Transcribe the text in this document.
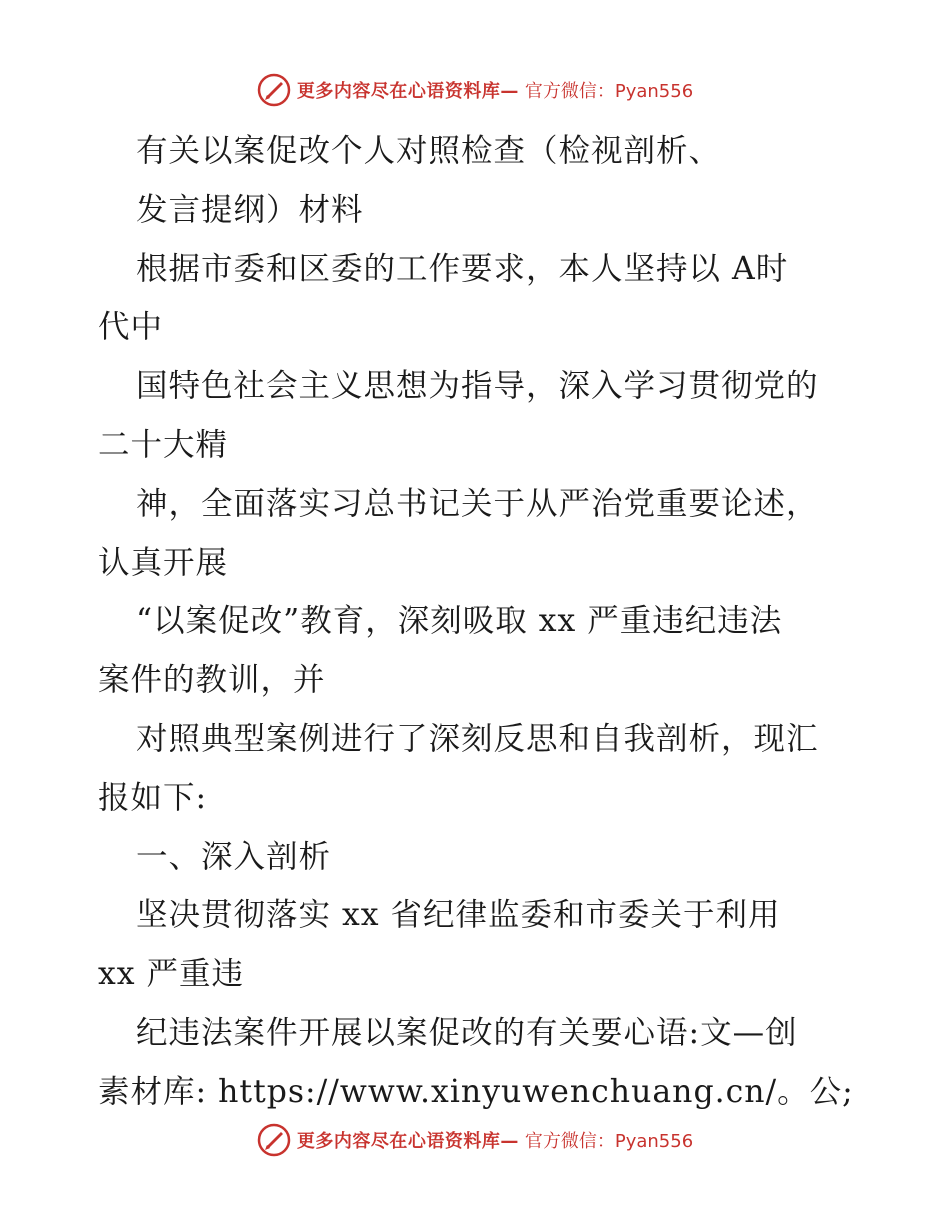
更多内容尽在心语资料库— 官方微信：Pyan556
有关以案促改个人对照检查（检视剖析、
发言提纲）材料
根据市委和区委的工作要求，本人坚持以 A时
代中
国特色社会主义思想为指导，深入学习贯彻党的
二十大精
神，全面落实习总书记关于从严治党重要论述，
认真开展
“以案促改”教育，深刻吸取 xx 严重违纪违法
案件的教训，并
对照典型案例进行了深刻反思和自我剖析，现汇
报如下:
一、深入剖析
坚决贯彻落实 xx 省纪律监委和市委关于利用
xx 严重违
纪违法案件开展以案促改的有关要心语:文—创
素材库: https://www.xinyuwenchuang.cn/。公;
更多内容尽在心语资料库— 官方微信：Pyan556
